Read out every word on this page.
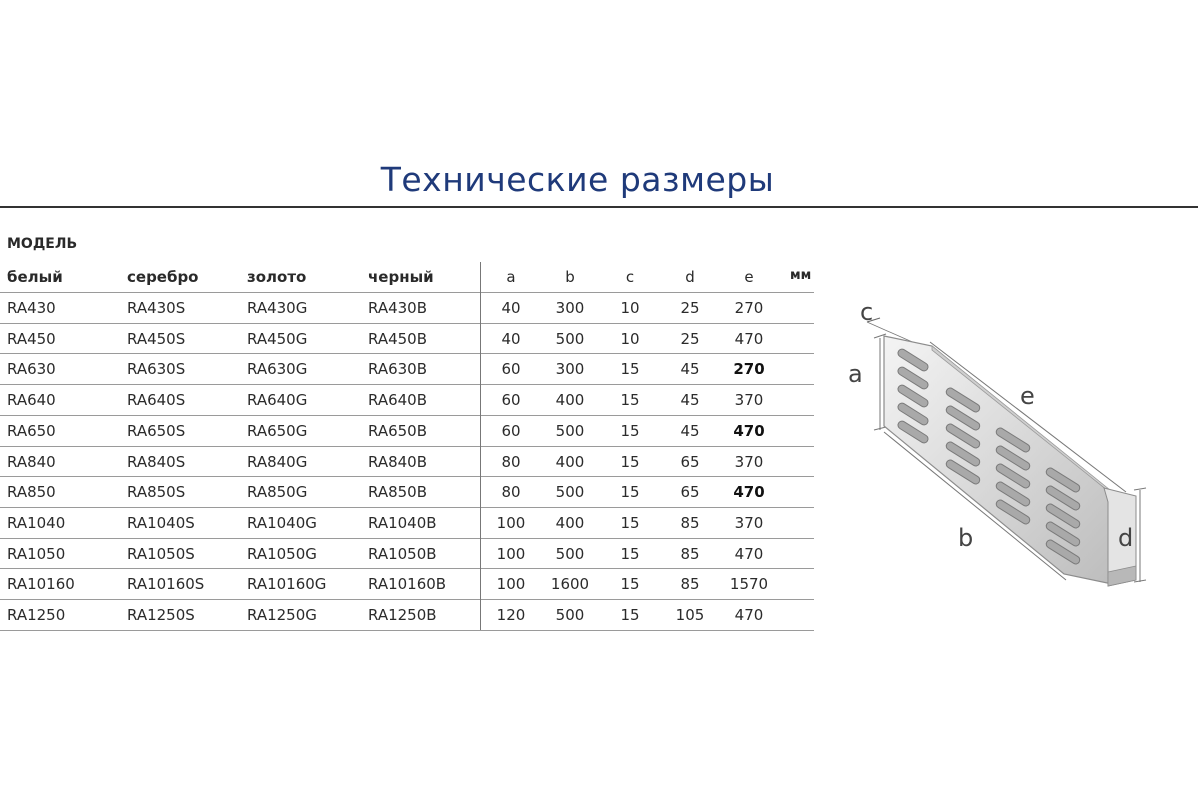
Технические размеры
МОДЕЛЬ
белый	серебро	золото	черный	a	b	c	d	e	мм
RA430	RA430S	RA430G	RA430B	40	300	10	25	270
RA450	RA450S	RA450G	RA450B	40	500	10	25	470
RA630	RA630S	RA630G	RA630B	60	300	15	45	270
RA640	RA640S	RA640G	RA640B	60	400	15	45	370
RA650	RA650S	RA650G	RA650B	60	500	15	45	470
RA840	RA840S	RA840G	RA840B	80	400	15	65	370
RA850	RA850S	RA850G	RA850B	80	500	15	65	470
RA1040	RA1040S	RA1040G	RA1040B	100	400	15	85	370
RA1050	RA1050S	RA1050G	RA1050B	100	500	15	85	470
RA10160	RA10160S	RA10160G	RA10160B	100	1600	15	85	1570
RA1250	RA1250S	RA1250G	RA1250B	120	500	15	105	470
c
a
e
b	d
